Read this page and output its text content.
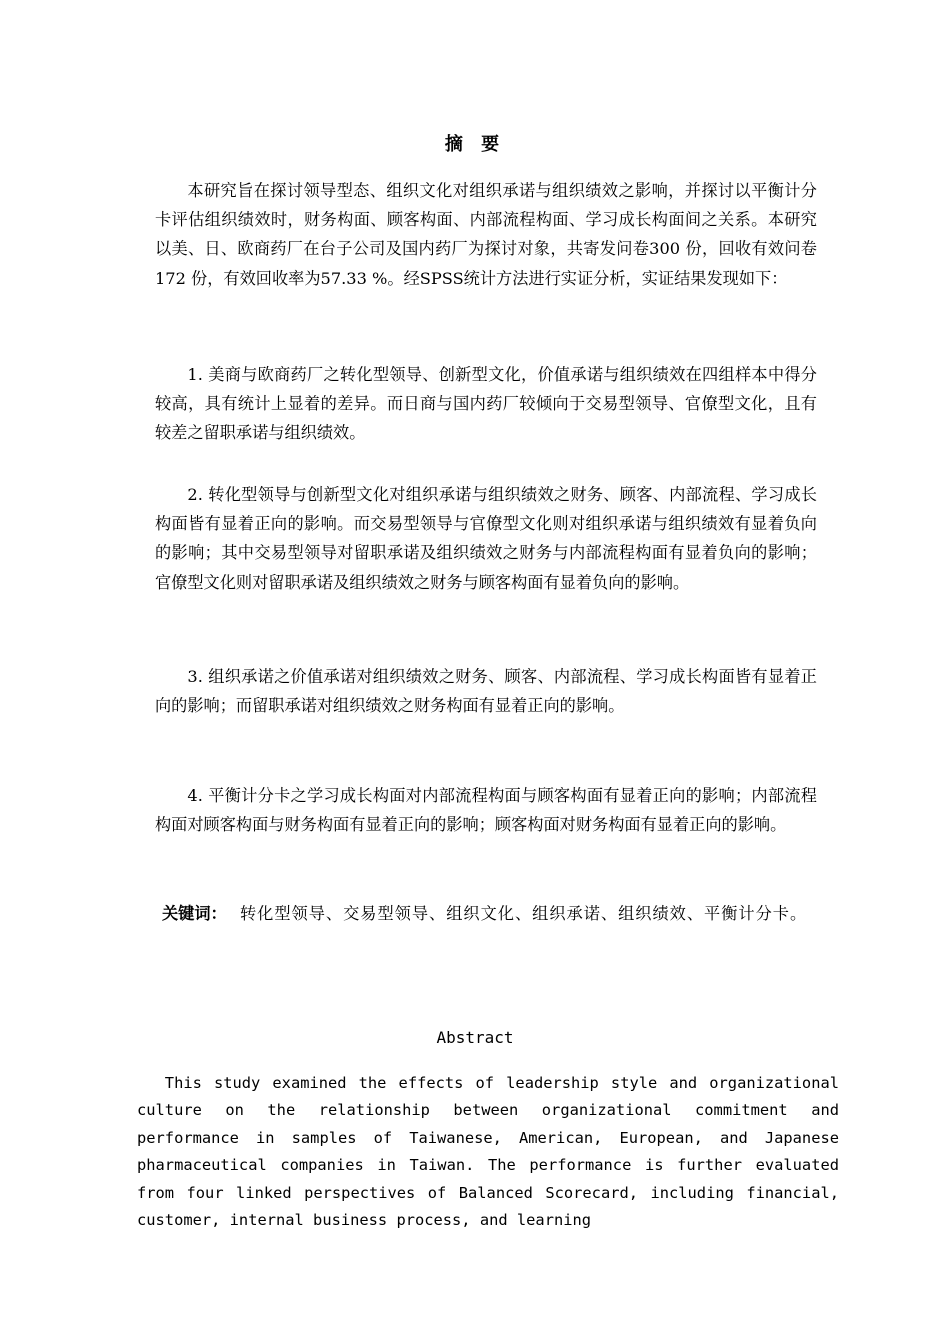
摘 要

本研究旨在探讨领导型态、组织文化对组织承诺与组织绩效之影响，并探讨以平衡计分卡评估组织绩效时，财务构面、顾客构面、内部流程构面、学习成长构面间之关系。本研究以美、日、欧商药厂在台子公司及国内药厂为探讨对象，共寄发问卷300 份，回收有效问卷172 份，有效回收率为57.33 %。经SPSS统计方法进行实证分析，实证结果发现如下：

1. 美商与欧商药厂之转化型领导、创新型文化，价值承诺与组织绩效在四组样本中得分较高，具有统计上显着的差异。而日商与国内药厂较倾向于交易型领导、官僚型文化，且有较差之留职承诺与组织绩效。

2. 转化型领导与创新型文化对组织承诺与组织绩效之财务、顾客、内部流程、学习成长构面皆有显着正向的影响。而交易型领导与官僚型文化则对组织承诺与组织绩效有显着负向的影响；其中交易型领导对留职承诺及组织绩效之财务与内部流程构面有显着负向的影响；官僚型文化则对留职承诺及组织绩效之财务与顾客构面有显着负向的影响。

3. 组织承诺之价值承诺对组织绩效之财务、顾客、内部流程、学习成长构面皆有显着正向的影响；而留职承诺对组织绩效之财务构面有显着正向的影响。

4. 平衡计分卡之学习成长构面对内部流程构面与顾客构面有显着正向的影响；内部流程构面对顾客构面与财务构面有显着正向的影响；顾客构面对财务构面有显着正向的影响。

关键词： 转化型领导、交易型领导、组织文化、组织承诺、组织绩效、平衡计分卡。
Abstract

This study examined the effects of leadership style and organizational culture on the relationship between organizational commitment and performance in samples of Taiwanese, American, European, and Japanese pharmaceutical companies in Taiwan. The performance is further evaluated from four linked perspectives of Balanced Scorecard, including financial, customer, internal business process, and learning
